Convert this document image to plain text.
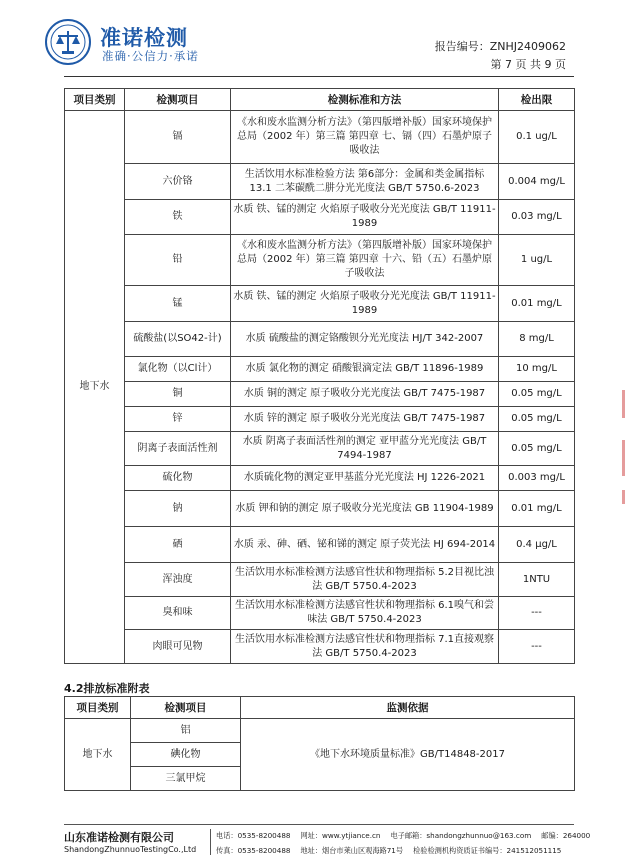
准诺检测
准确·公信力·承诺
报告编号：ZNHJ2409062
第 7 页 共 9 页
项目类别	检测项目	检测标准和方法	检出限
地下水	镉	《水和废水监测分析方法》（第四版增补版）国家环境保护总局（2002 年）第三篇 第四章 七、镉（四）石墨炉原子吸收法	0.1 ug/L
	六价铬	生活饮用水标准检验方法 第6部分：金属和类金属指标 13.1 二苯碳酰二肼分光光度法 GB/T 5750.6-2023	0.004 mg/L
	铁	水质 铁、锰的测定 火焰原子吸收分光光度法 GB/T 11911-1989	0.03 mg/L
	铅	《水和废水监测分析方法》（第四版增补版）国家环境保护总局（2002 年）第三篇 第四章 十六、铅（五）石墨炉原子吸收法	1 ug/L
	锰	水质 铁、锰的测定 火焰原子吸收分光光度法 GB/T 11911-1989	0.01 mg/L
	硫酸盐(以SO42-计)	水质 硫酸盐的测定铬酸钡分光光度法 HJ/T 342-2007	8 mg/L
	氯化物（以Cl计）	水质 氯化物的测定 硝酸银滴定法 GB/T 11896-1989	10 mg/L
	铜	水质 铜的测定 原子吸收分光光度法 GB/T 7475-1987	0.05 mg/L
	锌	水质 锌的测定 原子吸收分光光度法 GB/T 7475-1987	0.05 mg/L
	阴离子表面活性剂	水质 阴离子表面活性剂的测定 亚甲蓝分光光度法 GB/T 7494-1987	0.05 mg/L
	硫化物	水质硫化物的测定亚甲基蓝分光光度法 HJ 1226-2021	0.003 mg/L
	钠	水质 钾和钠的测定 原子吸收分光光度法 GB 11904-1989	0.01 mg/L
	硒	水质 汞、砷、硒、铋和锑的测定 原子荧光法 HJ 694-2014	0.4 μg/L
	浑浊度	生活饮用水标准检测方法感官性状和物理指标 5.2目视比浊法 GB/T 5750.4-2023	1NTU
	臭和味	生活饮用水标准检测方法感官性状和物理指标 6.1嗅气和尝味法 GB/T 5750.4-2023	---
	肉眼可见物	生活饮用水标准检测方法感官性状和物理指标 7.1直接观察法 GB/T 5750.4-2023	---
4.2排放标准附表
项目类别	检测项目	监测依据
地下水	铝	《地下水环境质量标准》GB/T14848-2017
	碘化物	
	三氯甲烷	
山东准诺检测有限公司
ShandongZhunnuoTestingCo.,Ltd
电话：0535-8200488 网址：www.ytjiance.cn 电子邮箱：shandongzhunnuo@163.com 邮编：264000
传真：0535-8200488 地址：烟台市莱山区观海路71号 检验检测机构资质证书编号：241512051115
